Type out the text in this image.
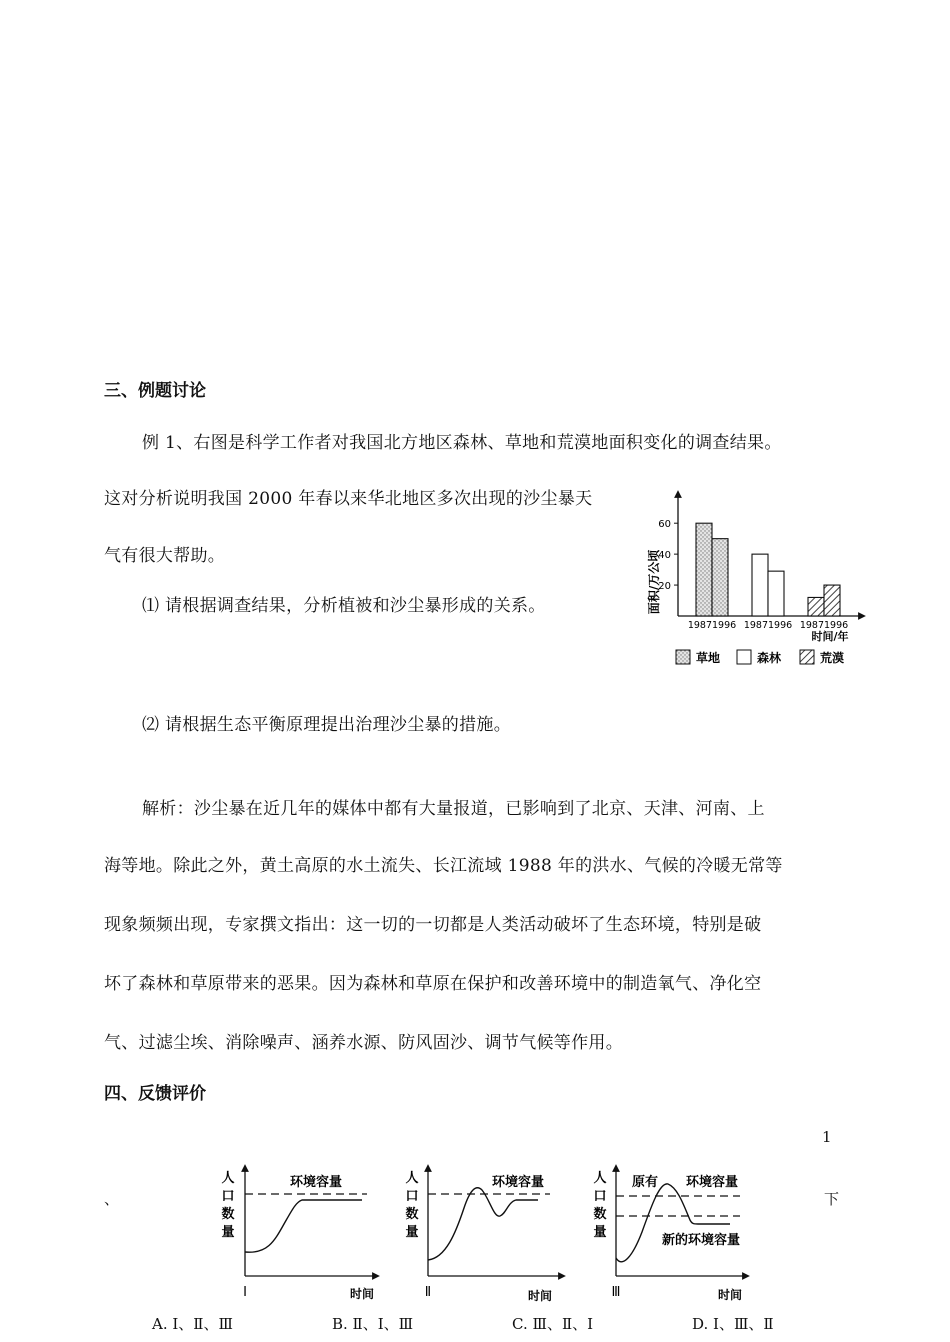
三、例题讨论
例 1、右图是科学工作者对我国北方地区森林、草地和荒漠地面积变化的调查结果。
这对分析说明我国 2000 年春以来华北地区多次出现的沙尘暴天
气有很大帮助。
⑴ 请根据调查结果，分析植被和沙尘暴形成的关系。
⑵ 请根据生态平衡原理提出治理沙尘暴的措施。
解析：沙尘暴在近几年的媒体中都有大量报道，已影响到了北京、天津、河南、上
海等地。除此之外，黄土高原的水土流失、长江流域 1988 年的洪水、气候的冷暖无常等
现象频频出现，专家撰文指出：这一切的一切都是人类活动破坏了生态环境，特别是破
坏了森林和草原带来的恶果。因为森林和草原在保护和改善环境中的制造氧气、净化空
气、过滤尘埃、消除噪声、涵养水源、防风固沙、调节气候等作用。
面积/万公顷
20
40
60
19871996 19871996 19871996
时间/年
草地	森林	荒漠
四、反馈评价
1
、	下
人
口
数
量
环境容量
Ⅰ	时间
人
口
数
量
环境容量
Ⅱ	时间
人
口
数
量
原有 环境容量
新的环境容量
Ⅲ	时间
A. Ⅰ、Ⅱ、Ⅲ	B. Ⅱ、Ⅰ、Ⅲ	C. Ⅲ、Ⅱ、Ⅰ	D. Ⅰ、Ⅲ、Ⅱ
